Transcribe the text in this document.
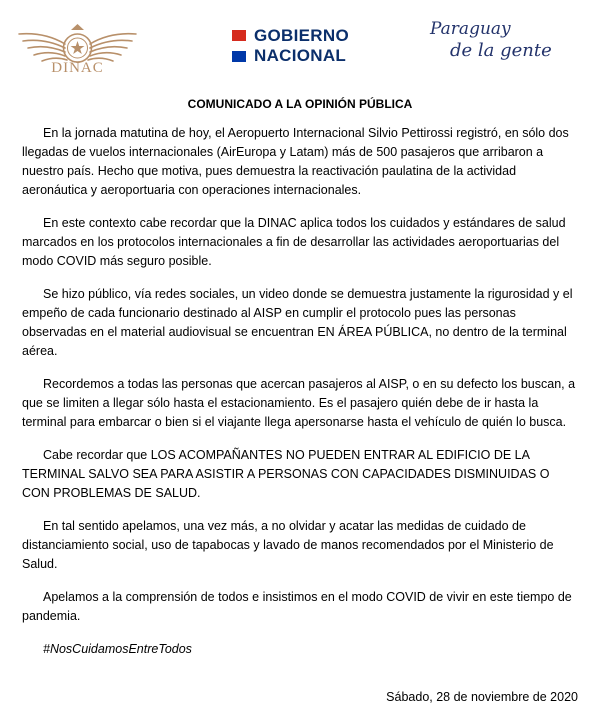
DINAC
GOBIERNO
NACIONAL
Paraguay
de la gente
COMUNICADO A LA OPINIÓN PÚBLICA

En la jornada matutina de hoy, el Aeropuerto Internacional Silvio Pettirossi registró, en sólo dos llegadas de vuelos internacionales (AirEuropa y Latam) más de 500 pasajeros que arribaron a nuestro país. Hecho que motiva, pues demuestra la reactivación paulatina de la actividad aeronáutica y aeroportuaria con operaciones internacionales.

En este contexto cabe recordar que la DINAC aplica todos los cuidados y estándares de salud marcados en los protocolos internacionales a fin de desarrollar las actividades aeroportuarias del modo COVID más seguro posible.

Se hizo público, vía redes sociales, un video donde se demuestra justamente la rigurosidad y el empeño de cada funcionario destinado al AISP en cumplir el protocolo pues las personas observadas en el material audiovisual se encuentran EN ÁREA PÚBLICA, no dentro de la terminal aérea.

Recordemos a todas las personas que acercan pasajeros al AISP, o en su defecto los buscan, a que se limiten a llegar sólo hasta el estacionamiento. Es el pasajero quién debe de ir hasta la terminal para embarcar o bien si el viajante llega apersonarse hasta el vehículo de quién lo busca.

Cabe recordar que LOS ACOMPAÑANTES NO PUEDEN ENTRAR AL EDIFICIO DE LA TERMINAL SALVO SEA PARA ASISTIR A PERSONAS CON CAPACIDADES DISMINUIDAS O CON PROBLEMAS DE SALUD.

En tal sentido apelamos, una vez más, a no olvidar y acatar las medidas de cuidado de distanciamiento social, uso de tapabocas y lavado de manos recomendados por el Ministerio de Salud.

Apelamos a la comprensión de todos e insistimos en el modo COVID de vivir en este tiempo de pandemia.

#NosCuidamosEntreTodos

Sábado, 28 de noviembre de 2020
